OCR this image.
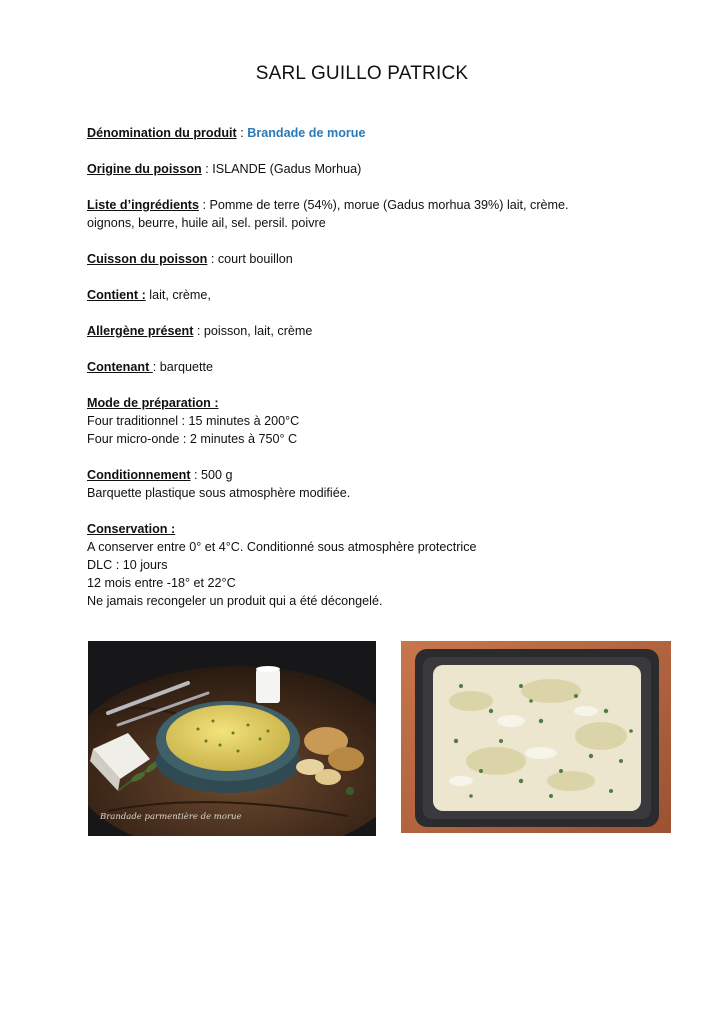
SARL GUILLO PATRICK

Dénomination du produit : Brandade de morue

Origine du poisson : ISLANDE (Gadus Morhua)

Liste d’ingrédients : Pomme de terre (54%), morue (Gadus morhua 39%) lait, crème.

oignons, beurre, huile ail, sel. persil. poivre

Cuisson du poisson : court bouillon

Contient : lait, crème,

Allergène présent : poisson, lait, crème

Contenant : barquette

Mode de préparation :

Four traditionnel : 15 minutes à 200°C

Four micro-onde : 2 minutes à 750° C

Conditionnement : 500 g

Barquette plastique sous atmosphère modifiée.

Conservation :

A conserver entre 0° et 4°C. Conditionné sous atmosphère protectrice

DLC : 10 jours

12 mois entre -18° et 22°C

Ne jamais recongeler un produit qui a été décongelé.

Brandade parmentière de morue
